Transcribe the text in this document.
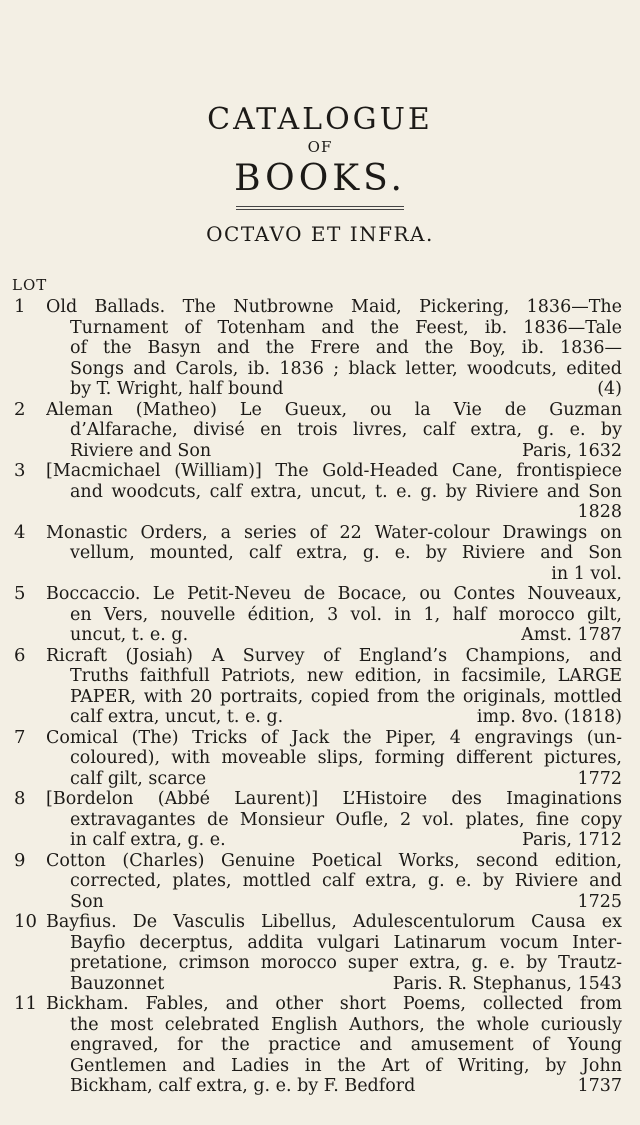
CATALOGUE
OF
BOOKS.
OCTAVO ET INFRA.
LOT
1	Old Ballads. The Nutbrowne Maid, Pickering, 1836—The
Turnament of Totenham and the Feest, ib. 1836—Tale
of the Basyn and the Frere and the Boy, ib. 1836—
Songs and Carols, ib. 1836 ; black letter, woodcuts, edited
by T. Wright, half bound	(4)
2	Aleman (Matheo) Le Gueux, ou la Vie de Guzman
d’Alfarache, divisé en trois livres, calf extra, g. e. by
Riviere and Son	Paris, 1632
3	[Macmichael (William)] The Gold-Headed Cane, frontispiece
and woodcuts, calf extra, uncut, t. e. g. by Riviere and Son
1828
4	Monastic Orders, a series of 22 Water-colour Drawings on
vellum, mounted, calf extra, g. e. by Riviere and Son
in 1 vol.
5	Boccaccio. Le Petit-Neveu de Bocace, ou Contes Nouveaux,
en Vers, nouvelle édition, 3 vol. in 1, half morocco gilt,
uncut, t. e. g.	Amst. 1787
6	Ricraft (Josiah) A Survey of England’s Champions, and
Truths faithfull Patriots, new edition, in facsimile, LARGE
PAPER, with 20 portraits, copied from the originals, mottled
calf extra, uncut, t. e. g.	imp. 8vo. (1818)
7	Comical (The) Tricks of Jack the Piper, 4 engravings (un-
coloured), with moveable slips, forming different pictures,
calf gilt, scarce	1772
8	[Bordelon (Abbé Laurent)] L’Histoire des Imaginations
extravagantes de Monsieur Oufle, 2 vol. plates, fine copy
in calf extra, g. e.	Paris, 1712
9	Cotton (Charles) Genuine Poetical Works, second edition,
corrected, plates, mottled calf extra, g. e. by Riviere and
Son	1725
10 Bayfius. De Vasculis Libellus, Adulescentulorum Causa ex
Bayfio decerptus, addita vulgari Latinarum vocum Inter-
pretatione, crimson morocco super extra, g. e. by Trautz-
Bauzonnet	Paris. R. Stephanus, 1543
11 Bickham. Fables, and other short Poems, collected from
the most celebrated English Authors, the whole curiously
engraved, for the practice and amusement of Young
Gentlemen and Ladies in the Art of Writing, by John
Bickham, calf extra, g. e. by F. Bedford	1737
